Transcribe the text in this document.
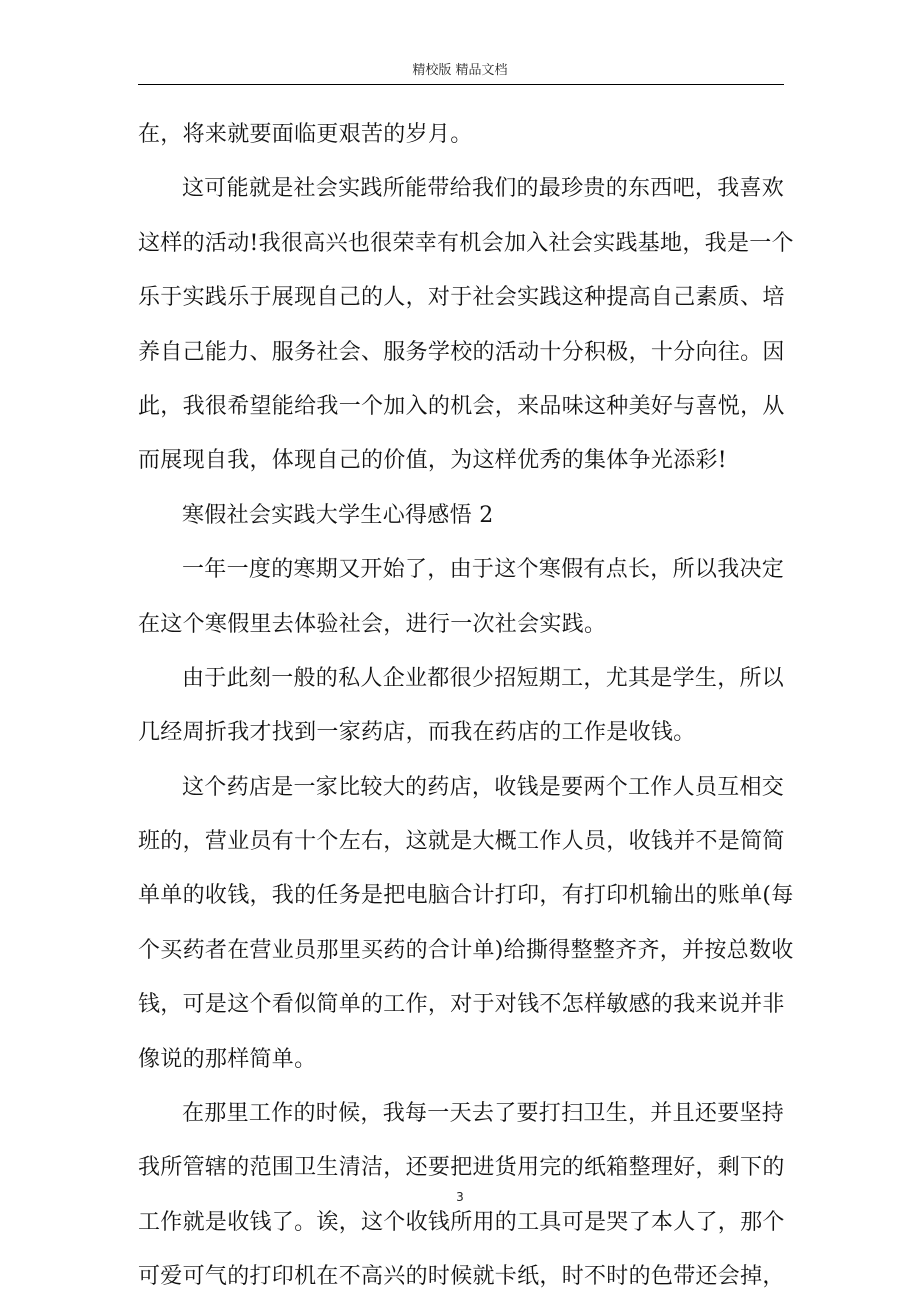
精校版 精品文档
在，将来就要面临更艰苦的岁月。
这可能就是社会实践所能带给我们的最珍贵的东西吧，我喜欢
这样的活动!我很高兴也很荣幸有机会加入社会实践基地，我是一个
乐于实践乐于展现自己的人，对于社会实践这种提高自己素质、培
养自己能力、服务社会、服务学校的活动十分积极，十分向往。因
此，我很希望能给我一个加入的机会，来品味这种美好与喜悦，从
而展现自我，体现自己的价值，为这样优秀的集体争光添彩!
寒假社会实践大学生心得感悟 2
一年一度的寒期又开始了，由于这个寒假有点长，所以我决定
在这个寒假里去体验社会，进行一次社会实践。
由于此刻一般的私人企业都很少招短期工，尤其是学生，所以
几经周折我才找到一家药店，而我在药店的工作是收钱。
这个药店是一家比较大的药店，收钱是要两个工作人员互相交
班的，营业员有十个左右，这就是大概工作人员，收钱并不是简简
单单的收钱，我的任务是把电脑合计打印，有打印机输出的账单(每
个买药者在营业员那里买药的合计单)给撕得整整齐齐，并按总数收
钱，可是这个看似简单的工作，对于对钱不怎样敏感的我来说并非
像说的那样简单。
在那里工作的时候，我每一天去了要打扫卫生，并且还要坚持
我所管辖的范围卫生清洁，还要把进货用完的纸箱整理好，剩下的
工作就是收钱了。诶，这个收钱所用的工具可是哭了本人了，那个
可爱可气的打印机在不高兴的时候就卡纸，时不时的色带还会掉，
3
